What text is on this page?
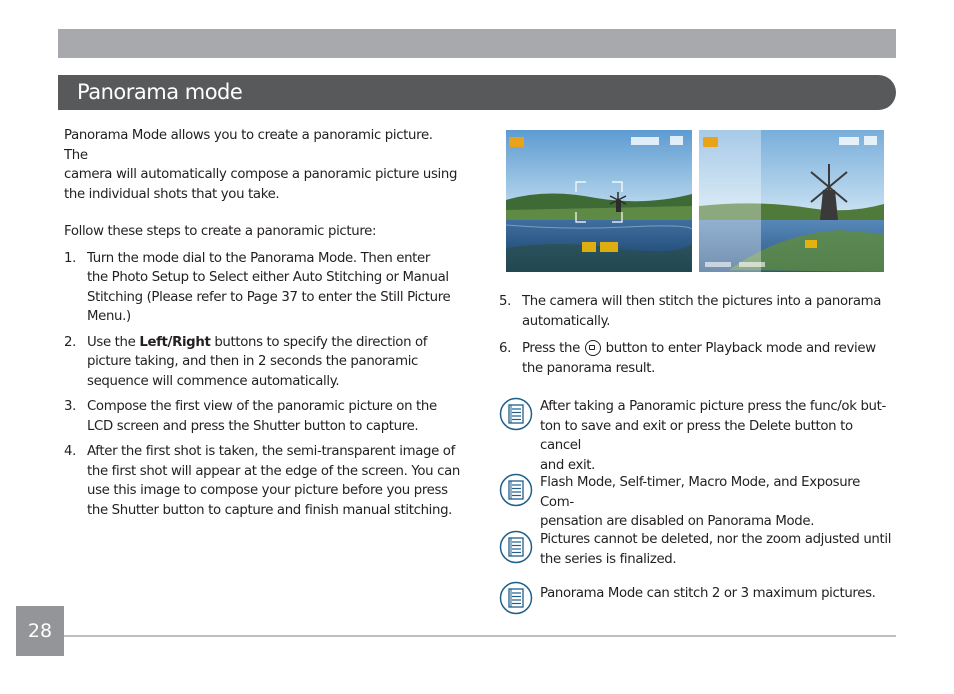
Panorama mode

Panorama Mode allows you to create a panoramic picture. The
camera will automatically compose a panoramic picture using
the individual shots that you take.

Follow these steps to create a panoramic picture:

1. Turn the mode dial to the Panorama Mode. Then enter
the Photo Setup to Select either Auto Stitching or Manual
Stitching (Please refer to Page 37 to enter the Still Picture
Menu.)
2. Use the Left/Right buttons to specify the direction of
picture taking, and then in 2 seconds the panoramic
sequence will commence automatically.
3. Compose the first view of the panoramic picture on the
LCD screen and press the Shutter button to capture.
4. After the first shot is taken, the semi-transparent image of
the first shot will appear at the edge of the screen. You can
use this image to compose your picture before you press
the Shutter button to capture and finish manual stitching.
5. The camera will then stitch the pictures into a panorama
automatically.
6. Press the  button to enter Playback mode and review
the panorama result.
After taking a Panoramic picture press the func/ok but-
ton to save and exit or press the Delete button to cancel
and exit.
Flash Mode, Self-timer, Macro Mode, and Exposure Com-
pensation are disabled on Panorama Mode.
Pictures cannot be deleted, nor the zoom adjusted until
the series is finalized.
Panorama Mode can stitch 2 or 3 maximum pictures.
28
